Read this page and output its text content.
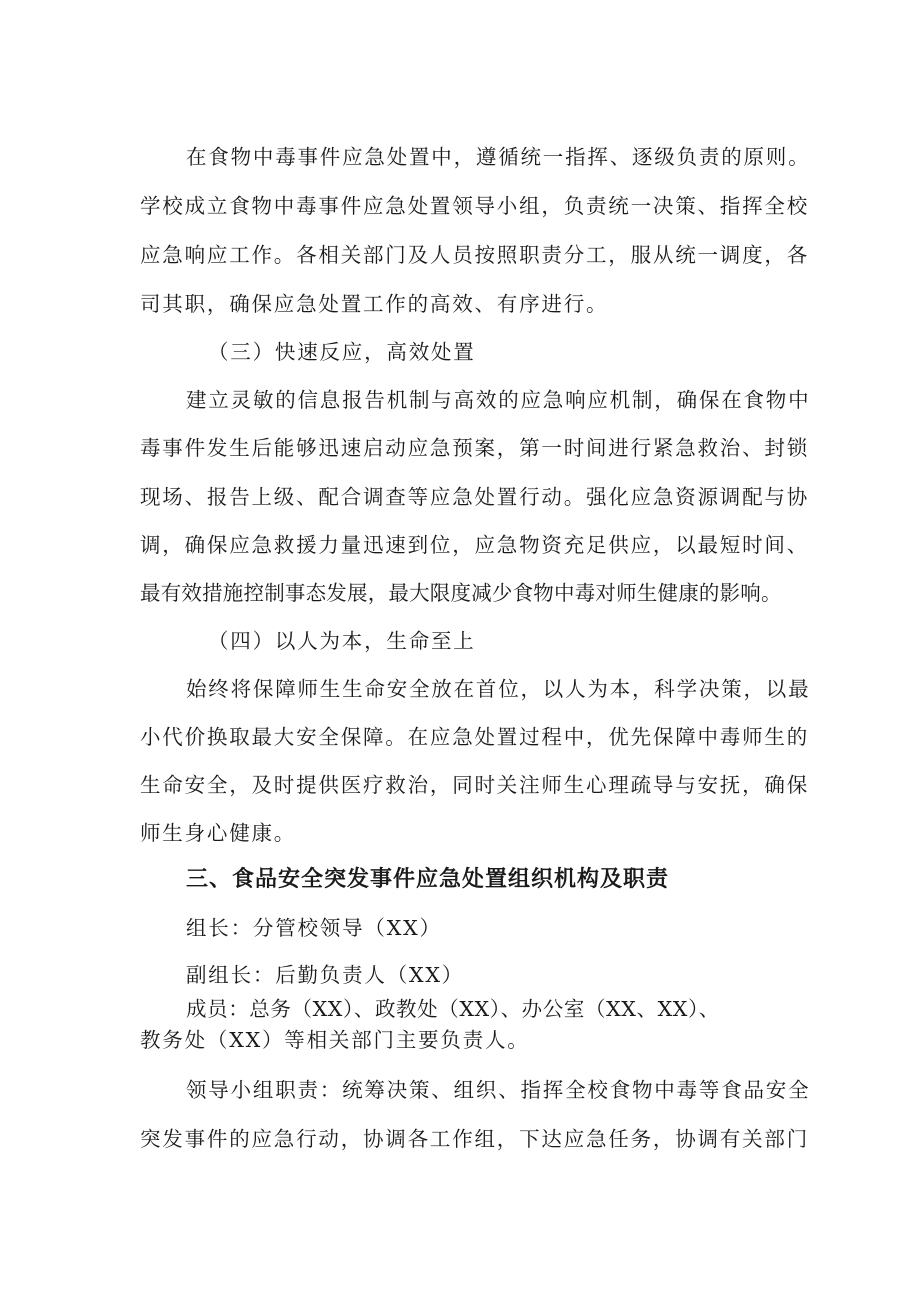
在食物中毒事件应急处置中，遵循统一指挥、逐级负责的原则。
学校成立食物中毒事件应急处置领导小组，负责统一决策、指挥全校
应急响应工作。各相关部门及人员按照职责分工，服从统一调度，各
司其职，确保应急处置工作的高效、有序进行。
（三）快速反应，高效处置
建立灵敏的信息报告机制与高效的应急响应机制，确保在食物中
毒事件发生后能够迅速启动应急预案，第一时间进行紧急救治、封锁
现场、报告上级、配合调查等应急处置行动。强化应急资源调配与协
调，确保应急救援力量迅速到位，应急物资充足供应，以最短时间、
最有效措施控制事态发展，最大限度减少食物中毒对师生健康的影响。
（四）以人为本，生命至上
始终将保障师生生命安全放在首位，以人为本，科学决策，以最
小代价换取最大安全保障。在应急处置过程中，优先保障中毒师生的
生命安全，及时提供医疗救治，同时关注师生心理疏导与安抚，确保
师生身心健康。
三、食品安全突发事件应急处置组织机构及职责
组长：分管校领导（XX）
副组长：后勤负责人（XX）
成员：总务（XX）、政教处（XX）、办公室（XX、XX）、
教务处（XX）等相关部门主要负责人。
领导小组职责：统筹决策、组织、指挥全校食物中毒等食品安全
突发事件的应急行动，协调各工作组，下达应急任务，协调有关部门
